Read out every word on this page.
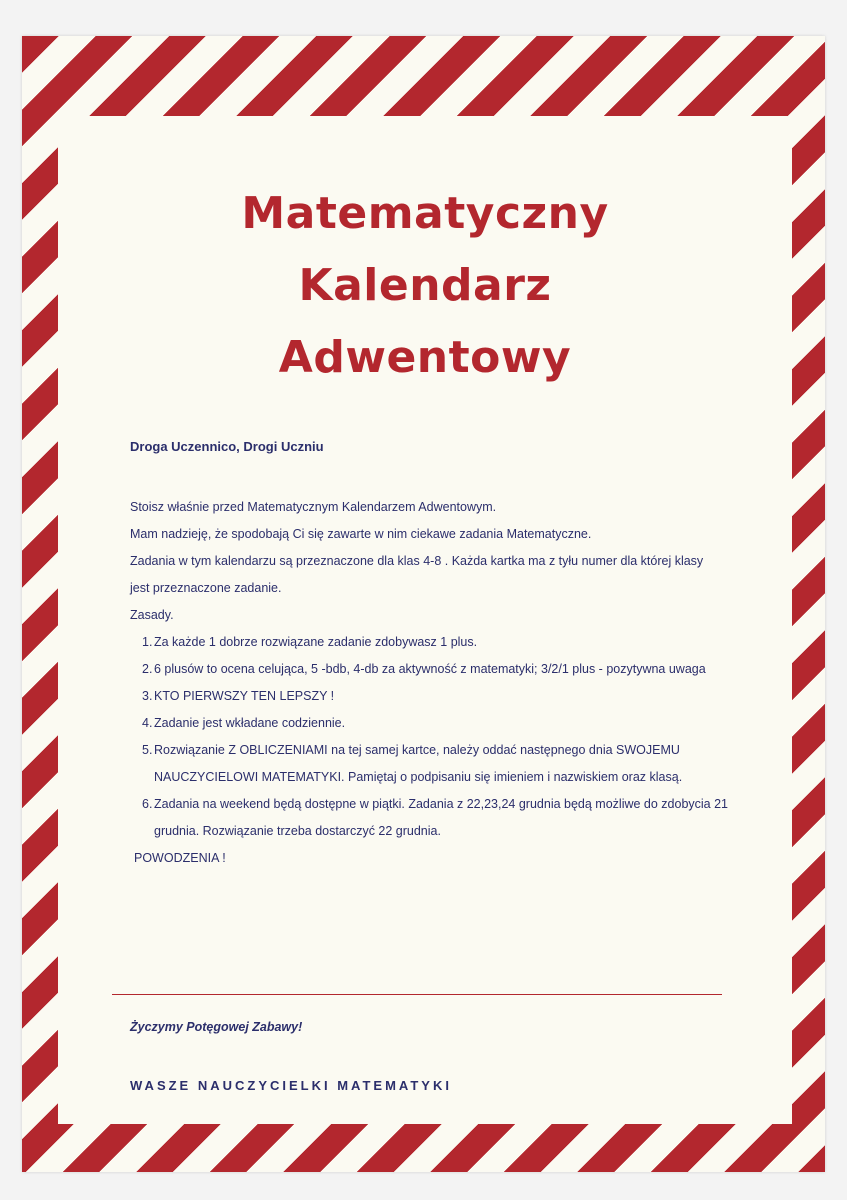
Matematyczny
Kalendarz
Adwentowy
Droga Uczennico, Drogi Uczniu
Stoisz właśnie przed Matematycznym Kalendarzem Adwentowym.
Mam nadzieję, że spodobają Ci się zawarte w nim ciekawe zadania Matematyczne.
Zadania w tym kalendarzu są przeznaczone dla klas 4-8 . Każda kartka ma z tyłu numer dla której klasy
jest przeznaczone zadanie.
Zasady.
1. Za każde 1 dobrze rozwiązane zadanie zdobywasz 1 plus.
2. 6 plusów to ocena celująca, 5 -bdb, 4-db za aktywność z matematyki; 3/2/1 plus - pozytywna uwaga
3. KTO PIERWSZY TEN LEPSZY !
4. Zadanie jest wkładane codziennie.
5. Rozwiązanie Z OBLICZENIAMI na tej samej kartce, należy oddać następnego dnia SWOJEMU NAUCZYCIELOWI MATEMATYKI. Pamiętaj o podpisaniu się imieniem i nazwiskiem oraz klasą.
6. Zadania na weekend będą dostępne w piątki. Zadania z 22,23,24 grudnia będą możliwe do zdobycia 21 grudnia. Rozwiązanie trzeba dostarczyć 22 grudnia.
POWODZENIA !
Życzymy Potęgowej Zabawy!
WASZE NAUCZYCIELKI MATEMATYKI
